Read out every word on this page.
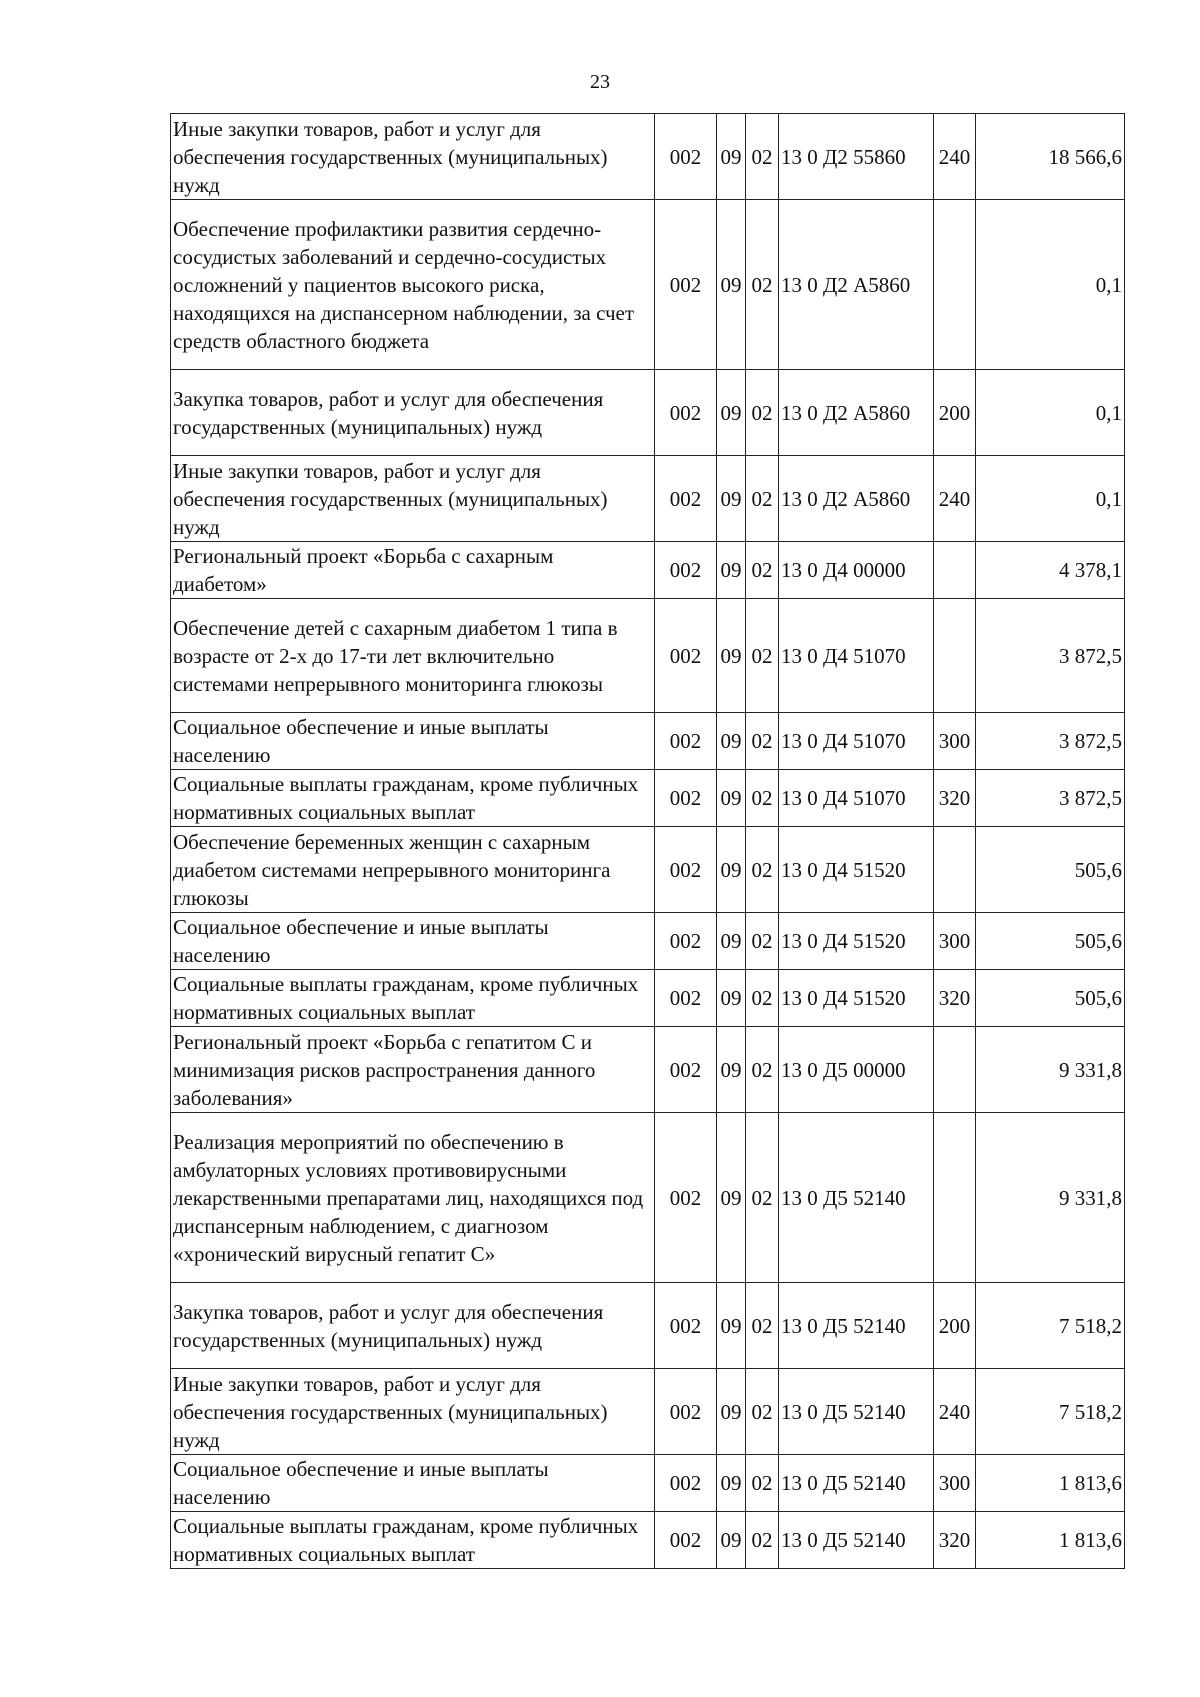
23
Иные закупки товаров, работ и услуг для обеспечения государственных (муниципальных) нужд	002	09	02	13 0 Д2 55860	240	18 566,6
Обеспечение профилактики развития сердечно-сосудистых заболеваний и сердечно-сосудистых осложнений у пациентов высокого риска, находящихся на диспансерном наблюдении, за счет средств областного бюджета	002	09	02	13 0 Д2 А5860		0,1
Закупка товаров, работ и услуг для обеспечения государственных (муниципальных) нужд	002	09	02	13 0 Д2 А5860	200	0,1
Иные закупки товаров, работ и услуг для обеспечения государственных (муниципальных) нужд	002	09	02	13 0 Д2 А5860	240	0,1
Региональный проект «Борьба с сахарным диабетом»	002	09	02	13 0 Д4 00000		4 378,1
Обеспечение детей с сахарным диабетом 1 типа в возрасте от 2-х до 17-ти лет включительно системами непрерывного мониторинга глюкозы	002	09	02	13 0 Д4 51070		3 872,5
Социальное обеспечение и иные выплаты населению	002	09	02	13 0 Д4 51070	300	3 872,5
Социальные выплаты гражданам, кроме публичных нормативных социальных выплат	002	09	02	13 0 Д4 51070	320	3 872,5
Обеспечение беременных женщин с сахарным диабетом системами непрерывного мониторинга глюкозы	002	09	02	13 0 Д4 51520		505,6
Социальное обеспечение и иные выплаты населению	002	09	02	13 0 Д4 51520	300	505,6
Социальные выплаты гражданам, кроме публичных нормативных социальных выплат	002	09	02	13 0 Д4 51520	320	505,6
Региональный проект «Борьба с гепатитом С и минимизация рисков распространения данного заболевания»	002	09	02	13 0 Д5 00000		9 331,8
Реализация мероприятий по обеспечению в амбулаторных условиях противовирусными лекарственными препаратами лиц, находящихся под диспансерным наблюдением, с диагнозом «хронический вирусный гепатит С»	002	09	02	13 0 Д5 52140		9 331,8
Закупка товаров, работ и услуг для обеспечения государственных (муниципальных) нужд	002	09	02	13 0 Д5 52140	200	7 518,2
Иные закупки товаров, работ и услуг для обеспечения государственных (муниципальных) нужд	002	09	02	13 0 Д5 52140	240	7 518,2
Социальное обеспечение и иные выплаты населению	002	09	02	13 0 Д5 52140	300	1 813,6
Социальные выплаты гражданам, кроме публичных нормативных социальных выплат	002	09	02	13 0 Д5 52140	320	1 813,6
